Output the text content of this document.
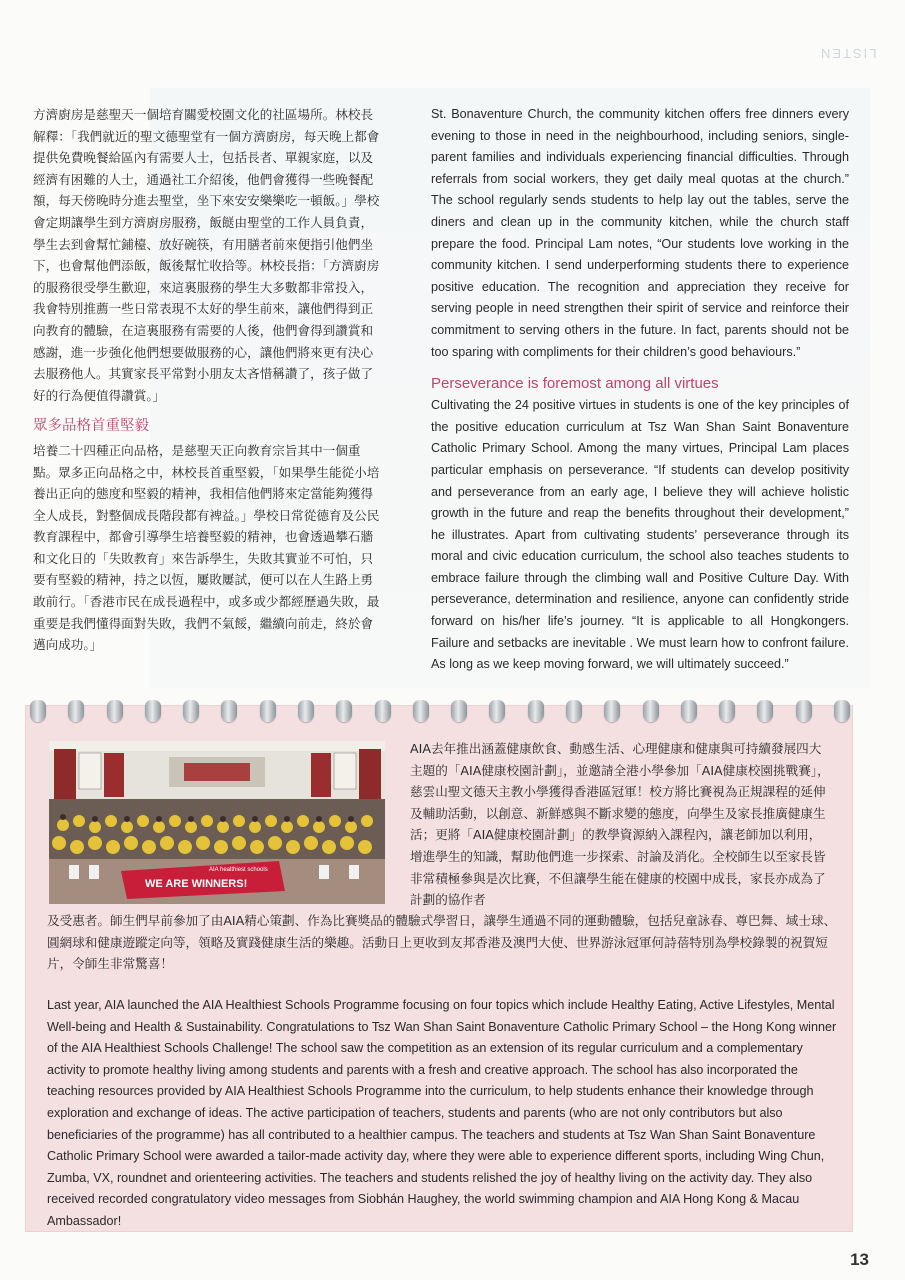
LISTEN

方濟廚房是慈聖天一個培育關愛校園文化的社區場所。林校長解釋：「我們就近的聖文德聖堂有一個方濟廚房，每天晚上都會提供免費晚餐給區內有需要人士，包括長者、單親家庭，以及經濟有困難的人士，通過社工介紹後，他們會獲得一些晚餐配額，每天傍晚時分進去聖堂，坐下來安安樂樂吃一頓飯。」學校會定期讓學生到方濟廚房服務，飯餸由聖堂的工作人員負責，學生去到會幫忙鋪檯、放好碗筷，有用膳者前來便指引他們坐下，也會幫他們添飯，飯後幫忙收拾等。林校長指：「方濟廚房的服務很受學生歡迎，來這裏服務的學生大多數都非常投入，我會特別推薦一些日常表現不太好的學生前來，讓他們得到正向教育的體驗，在這裏服務有需要的人後，他們會得到讚賞和感謝，進一步強化他們想要做服務的心，讓他們將來更有決心去服務他人。其實家長平常對小朋友太吝惜稱讚了，孩子做了好的行為便值得讚賞。」

眾多品格首重堅毅

培養二十四種正向品格，是慈聖天正向教育宗旨其中一個重點。眾多正向品格之中，林校長首重堅毅，「如果學生能從小培養出正向的態度和堅毅的精神，我相信他們將來定當能夠獲得全人成長，對整個成長階段都有裨益。」學校日常從德育及公民教育課程中，都會引導學生培養堅毅的精神，也會透過攀石牆和文化日的「失敗教育」來告訴學生，失敗其實並不可怕，只要有堅毅的精神，持之以恆，屢敗屢試，便可以在人生路上勇敢前行。「香港市民在成長過程中，或多或少都經歷過失敗，最重要是我們懂得面對失敗，我們不氣餒，繼續向前走，終於會邁向成功。」

St. Bonaventure Church, the community kitchen offers free dinners every evening to those in need in the neighbourhood, including seniors, single-parent families and individuals experiencing financial difficulties. Through referrals from social workers, they get daily meal quotas at the church.” The school regularly sends students to help lay out the tables, serve the diners and clean up in the community kitchen, while the church staff prepare the food. Principal Lam notes, “Our students love working in the community kitchen. I send underperforming students there to experience positive education. The recognition and appreciation they receive for serving people in need strengthen their spirit of service and reinforce their commitment to serving others in the future. In fact, parents should not be too sparing with compliments for their children’s good behaviours.”

Perseverance is foremost among all virtues

Cultivating the 24 positive virtues in students is one of the key principles of the positive education curriculum at Tsz Wan Shan Saint Bonaventure Catholic Primary School. Among the many virtues, Principal Lam places particular emphasis on perseverance. “If students can develop positivity and perseverance from an early age, I believe they will achieve holistic growth in the future and reap the benefits throughout their development,” he illustrates. Apart from cultivating students’ perseverance through its moral and civic education curriculum, the school also teaches students to embrace failure through the climbing wall and Positive Culture Day. With perseverance, determination and resilience, anyone can confidently stride forward on his/her life’s journey. “It is applicable to all Hongkongers. Failure and setbacks are inevitable . We must learn how to confront failure. As long as we keep moving forward, we will ultimately succeed.”

WE ARE WINNERS!
AIA healthiest schools
AIA去年推出涵蓋健康飲食、動感生活、心理健康和健康與可持續發展四大主題的「AIA健康校園計劃」，並邀請全港小學參加「AIA健康校園挑戰賽」，慈雲山聖文德天主教小學獲得香港區冠軍！校方將比賽視為正規課程的延伸及輔助活動，以創意、新鮮感與不斷求變的態度，向學生及家長推廣健康生活；更將「AIA健康校園計劃」的教學資源納入課程內，讓老師加以利用，增進學生的知識，幫助他們進一步探索、討論及消化。全校師生以至家長皆非常積極參與是次比賽，不但讓學生能在健康的校園中成長，家長亦成為了計劃的協作者
及受惠者。師生們早前參加了由AIA精心策劃、作為比賽獎品的體驗式學習日，讓學生通過不同的運動體驗，包括兒童詠春、尊巴舞、域士球、圓網球和健康遊蹤定向等，領略及實踐健康生活的樂趣。活動日上更收到友邦香港及澳門大使、世界游泳冠軍何詩蓓特別為學校錄製的祝賀短片，令師生非常驚喜！
Last year, AIA launched the AIA Healthiest Schools Programme focusing on four topics which include Healthy Eating, Active Lifestyles, Mental Well-being and Health & Sustainability. Congratulations to Tsz Wan Shan Saint Bonaventure Catholic Primary School – the Hong Kong winner of the AIA Healthiest Schools Challenge! The school saw the competition as an extension of its regular curriculum and a complementary activity to promote healthy living among students and parents with a fresh and creative approach. The school has also incorporated the teaching resources provided by AIA Healthiest Schools Programme into the curriculum, to help students enhance their knowledge through exploration and exchange of ideas. The active participation of teachers, students and parents (who are not only contributors but also beneficiaries of the programme) has all contributed to a healthier campus. The teachers and students at Tsz Wan Shan Saint Bonaventure Catholic Primary School were awarded a tailor-made activity day, where they were able to experience different sports, including Wing Chun, Zumba, VX, roundnet and orienteering activities. The teachers and students relished the joy of healthy living on the activity day. They also received recorded congratulatory video messages from Siobhán Haughey, the world swimming champion and AIA Hong Kong & Macau Ambassador!
13
